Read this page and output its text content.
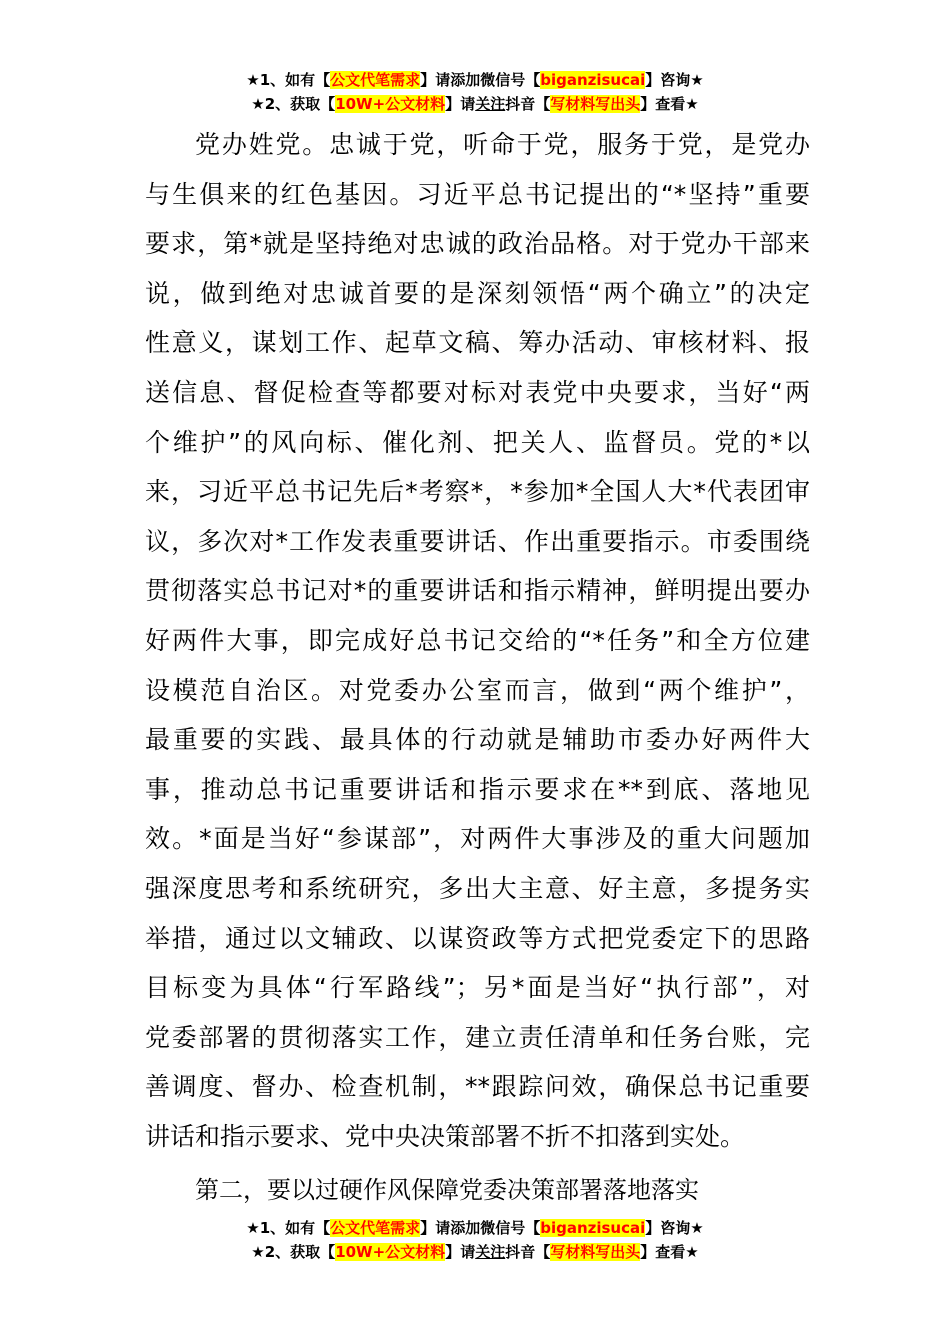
★1、如有【公文代笔需求】请添加微信号【biganzisucai】咨询★
★2、获取【10W+公文材料】请关注抖音【写材料写出头】查看★
党办姓党。忠诚于党，听命于党，服务于党，是党办
与生俱来的红色基因。习近平总书记提出的“*坚持”重要
要求，第*就是坚持绝对忠诚的政治品格。对于党办干部来
说，做到绝对忠诚首要的是深刻领悟“两个确立”的决定
性意义，谋划工作、起草文稿、筹办活动、审核材料、报
送信息、督促检查等都要对标对表党中央要求，当好“两
个维护”的风向标、催化剂、把关人、监督员。党的*以
来，习近平总书记先后*考察*，*参加*全国人大*代表团审
议，多次对*工作发表重要讲话、作出重要指示。市委围绕
贯彻落实总书记对*的重要讲话和指示精神，鲜明提出要办
好两件大事，即完成好总书记交给的“*任务”和全方位建
设模范自治区。对党委办公室而言，做到“两个维护”，
最重要的实践、最具体的行动就是辅助市委办好两件大
事，推动总书记重要讲话和指示要求在**到底、落地见
效。*面是当好“参谋部”，对两件大事涉及的重大问题加
强深度思考和系统研究，多出大主意、好主意，多提务实
举措，通过以文辅政、以谋资政等方式把党委定下的思路
目标变为具体“行军路线”；另*面是当好“执行部”，对
党委部署的贯彻落实工作，建立责任清单和任务台账，完
善调度、督办、检查机制，**跟踪问效，确保总书记重要
讲话和指示要求、党中央决策部署不折不扣落到实处。
第二，要以过硬作风保障党委决策部署落地落实
★1、如有【公文代笔需求】请添加微信号【biganzisucai】咨询★
★2、获取【10W+公文材料】请关注抖音【写材料写出头】查看★
